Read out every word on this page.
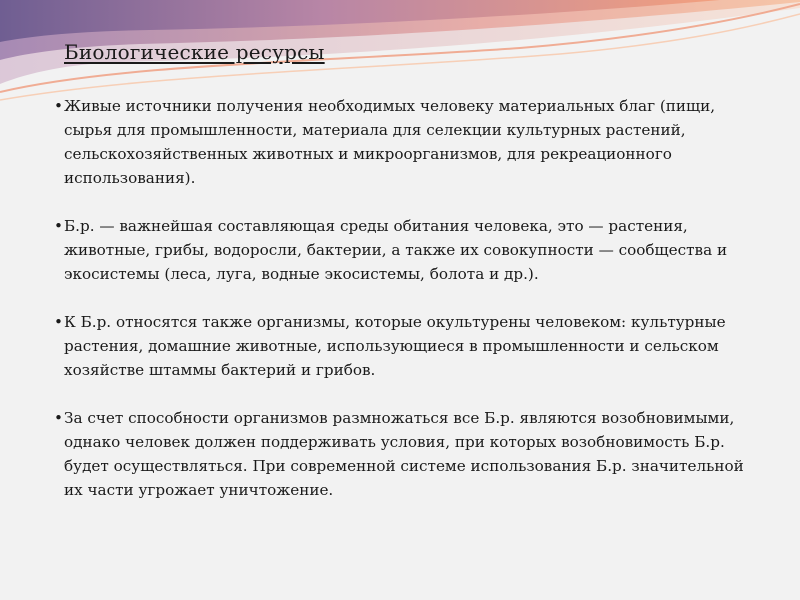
Биологические ресурсы
• Живые источники получения необходимых человеку материальных благ (пищи, сырья для промышленности, материала для селекции культурных растений, сельскохозяйственных животных и микроорганизмов, для рекреационного использования).
• Б.р. — важнейшая составляющая среды обитания человека, это — растения, животные, грибы, водоросли, бактерии, а также их совокупности — сообщества и экосистемы (леса, луга, водные экосистемы, болота и др.).
• К Б.р. относятся также организмы, которые окультурены человеком: культурные растения, домашние животные, использующиеся в промышленности и сельском хозяйстве штаммы бактерий и грибов.
• За счет способности организмов размножаться все Б.р. являются возобновимыми, однако человек должен поддерживать условия, при которых возобновимость Б.р. будет осуществляться. При современной системе использования Б.р. значительной их части угрожает уничтожение.
